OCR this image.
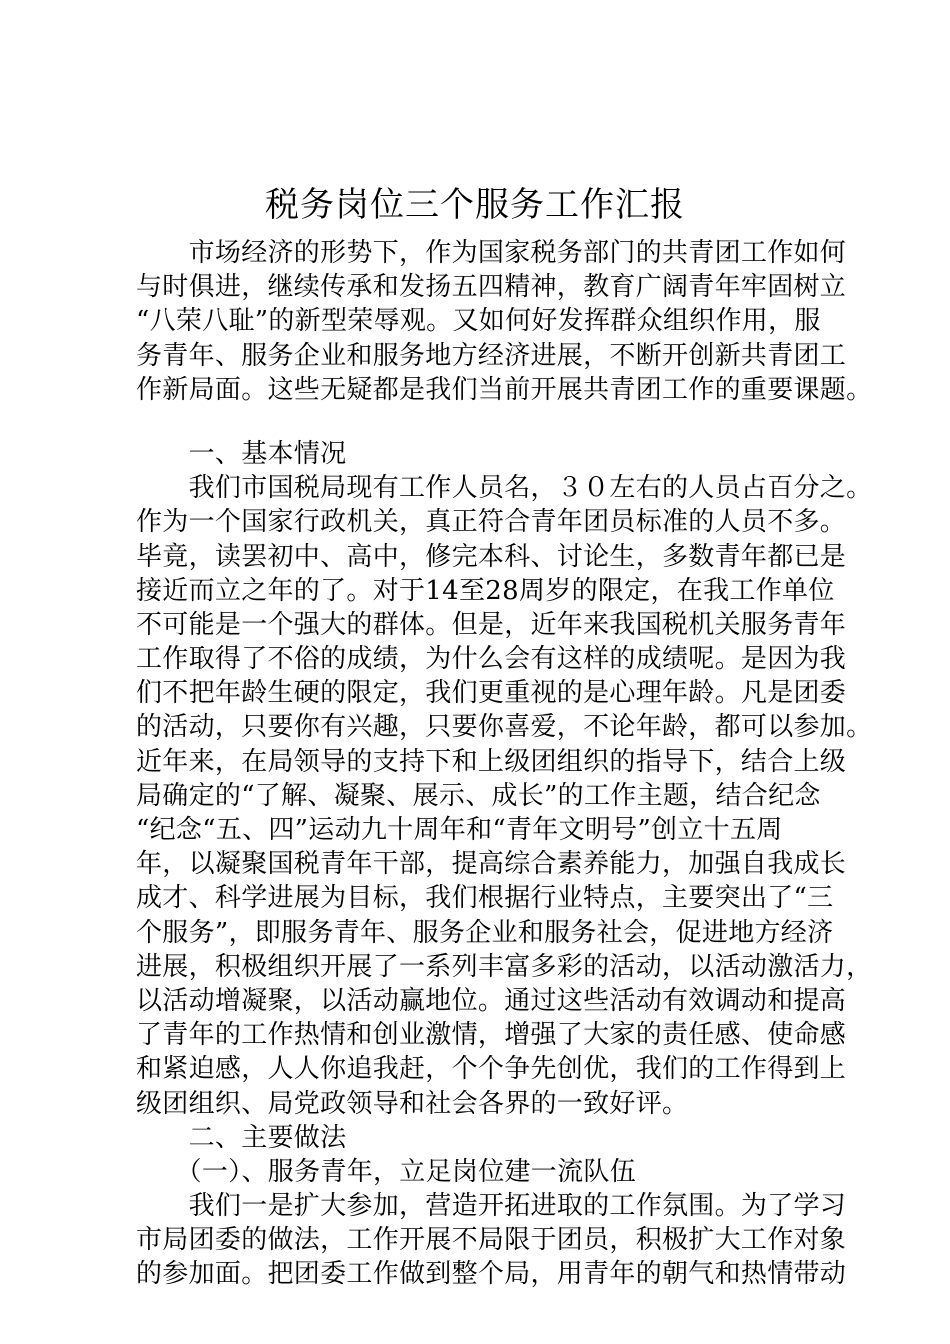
税务岗位三个服务工作汇报
　　市场经济的形势下，作为国家税务部门的共青团工作如何
与时俱进，继续传承和发扬五四精神，教育广阔青年牢固树立
“八荣八耻”的新型荣辱观。又如何好发挥群众组织作用，服
务青年、服务企业和服务地方经济进展，不断开创新共青团工
作新局面。这些无疑都是我们当前开展共青团工作的重要课题。
　　一、基本情况
　　我们市国税局现有工作人员名，３０左右的人员占百分之。
作为一个国家行政机关，真正符合青年团员标准的人员不多。
毕竟，读罢初中、高中，修完本科、讨论生，多数青年都已是
接近而立之年的了。对于14至28周岁的限定，在我工作单位
不可能是一个强大的群体。但是，近年来我国税机关服务青年
工作取得了不俗的成绩，为什么会有这样的成绩呢。是因为我
们不把年龄生硬的限定，我们更重视的是心理年龄。凡是团委
的活动，只要你有兴趣，只要你喜爱，不论年龄，都可以参加。
近年来，在局领导的支持下和上级团组织的指导下，结合上级
局确定的“了解、凝聚、展示、成长”的工作主题，结合纪念
“纪念“五、四”运动九十周年和“青年文明号”创立十五周
年，以凝聚国税青年干部，提高综合素养能力，加强自我成长
成才、科学进展为目标，我们根据行业特点，主要突出了“三
个服务”，即服务青年、服务企业和服务社会，促进地方经济
进展，积极组织开展了一系列丰富多彩的活动，以活动激活力，
以活动增凝聚，以活动赢地位。通过这些活动有效调动和提高
了青年的工作热情和创业激情，增强了大家的责任感、使命感
和紧迫感，人人你追我赶，个个争先创优，我们的工作得到上
级团组织、局党政领导和社会各界的一致好评。
　　二、主要做法
　　（一）、服务青年，立足岗位建一流队伍
　　我们一是扩大参加，营造开拓进取的工作氛围。为了学习
市局团委的做法，工作开展不局限于团员，积极扩大工作对象
的参加面。把团委工作做到整个局，用青年的朝气和热情带动
